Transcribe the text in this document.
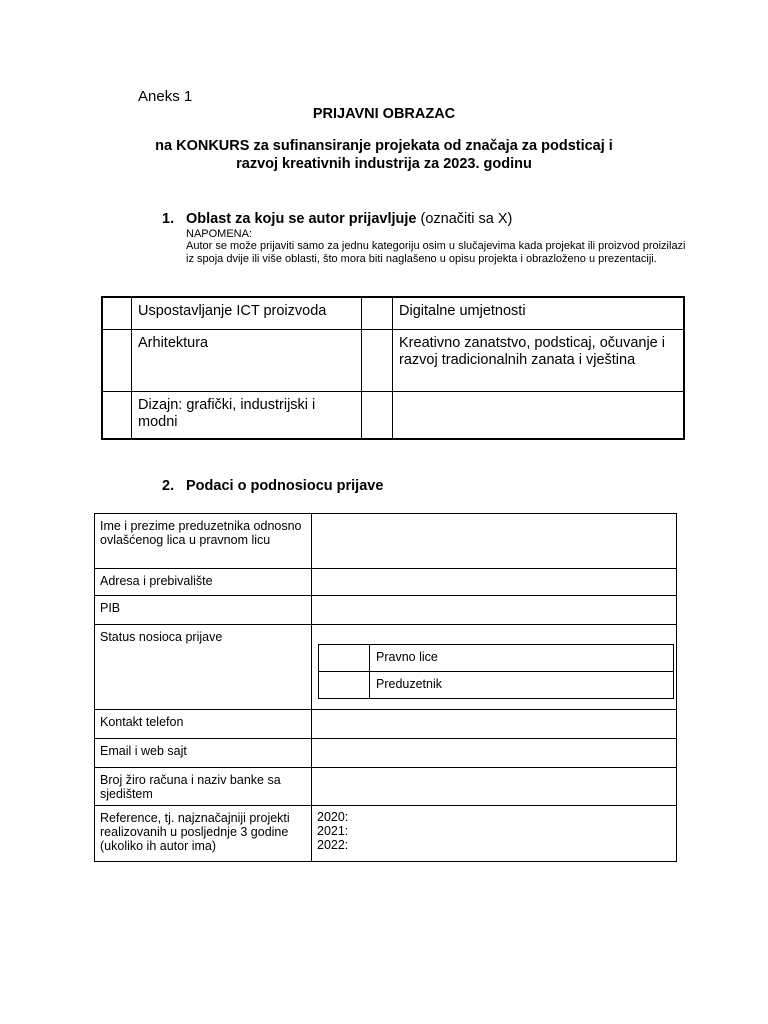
Aneks 1
PRIJAVNI OBRAZAC
na KONKURS za sufinansiranje projekata od značaja za podsticaj i
razvoj kreativnih industrija za 2023. godinu
1. Oblast za koju se autor prijavljuje (označiti sa X)
NAPOMENA:
Autor se može prijaviti samo za jednu kategoriju osim u slučajevima kada projekat ili proizvod proizilazi iz spoja dvije ili više oblasti, što mora biti naglašeno u opisu projekta i obrazloženo u prezentaciji.
	Uspostavljanje ICT proizvoda		Digitalne umjetnosti
	Arhitektura		Kreativno zanatstvo, podsticaj, očuvanje i razvoj tradicionalnih zanata i vještina
	Dizajn: grafički, industrijski i modni		
2. Podaci o podnosiocu prijave
Ime i prezime preduzetnika odnosno ovlašćenog lica u pravnom licu	
Adresa i prebivalište	
PIB	
Status nosioca prijave	
	Pravno lice
	Preduzetnik

Kontakt telefon	
Email i web sajt	
Broj žiro računa i naziv banke sa sjedištem	
Reference, tj. najznačajniji projekti realizovanih u posljednje 3 godine (ukoliko ih autor ima)	
2020:
2021:
2022:
